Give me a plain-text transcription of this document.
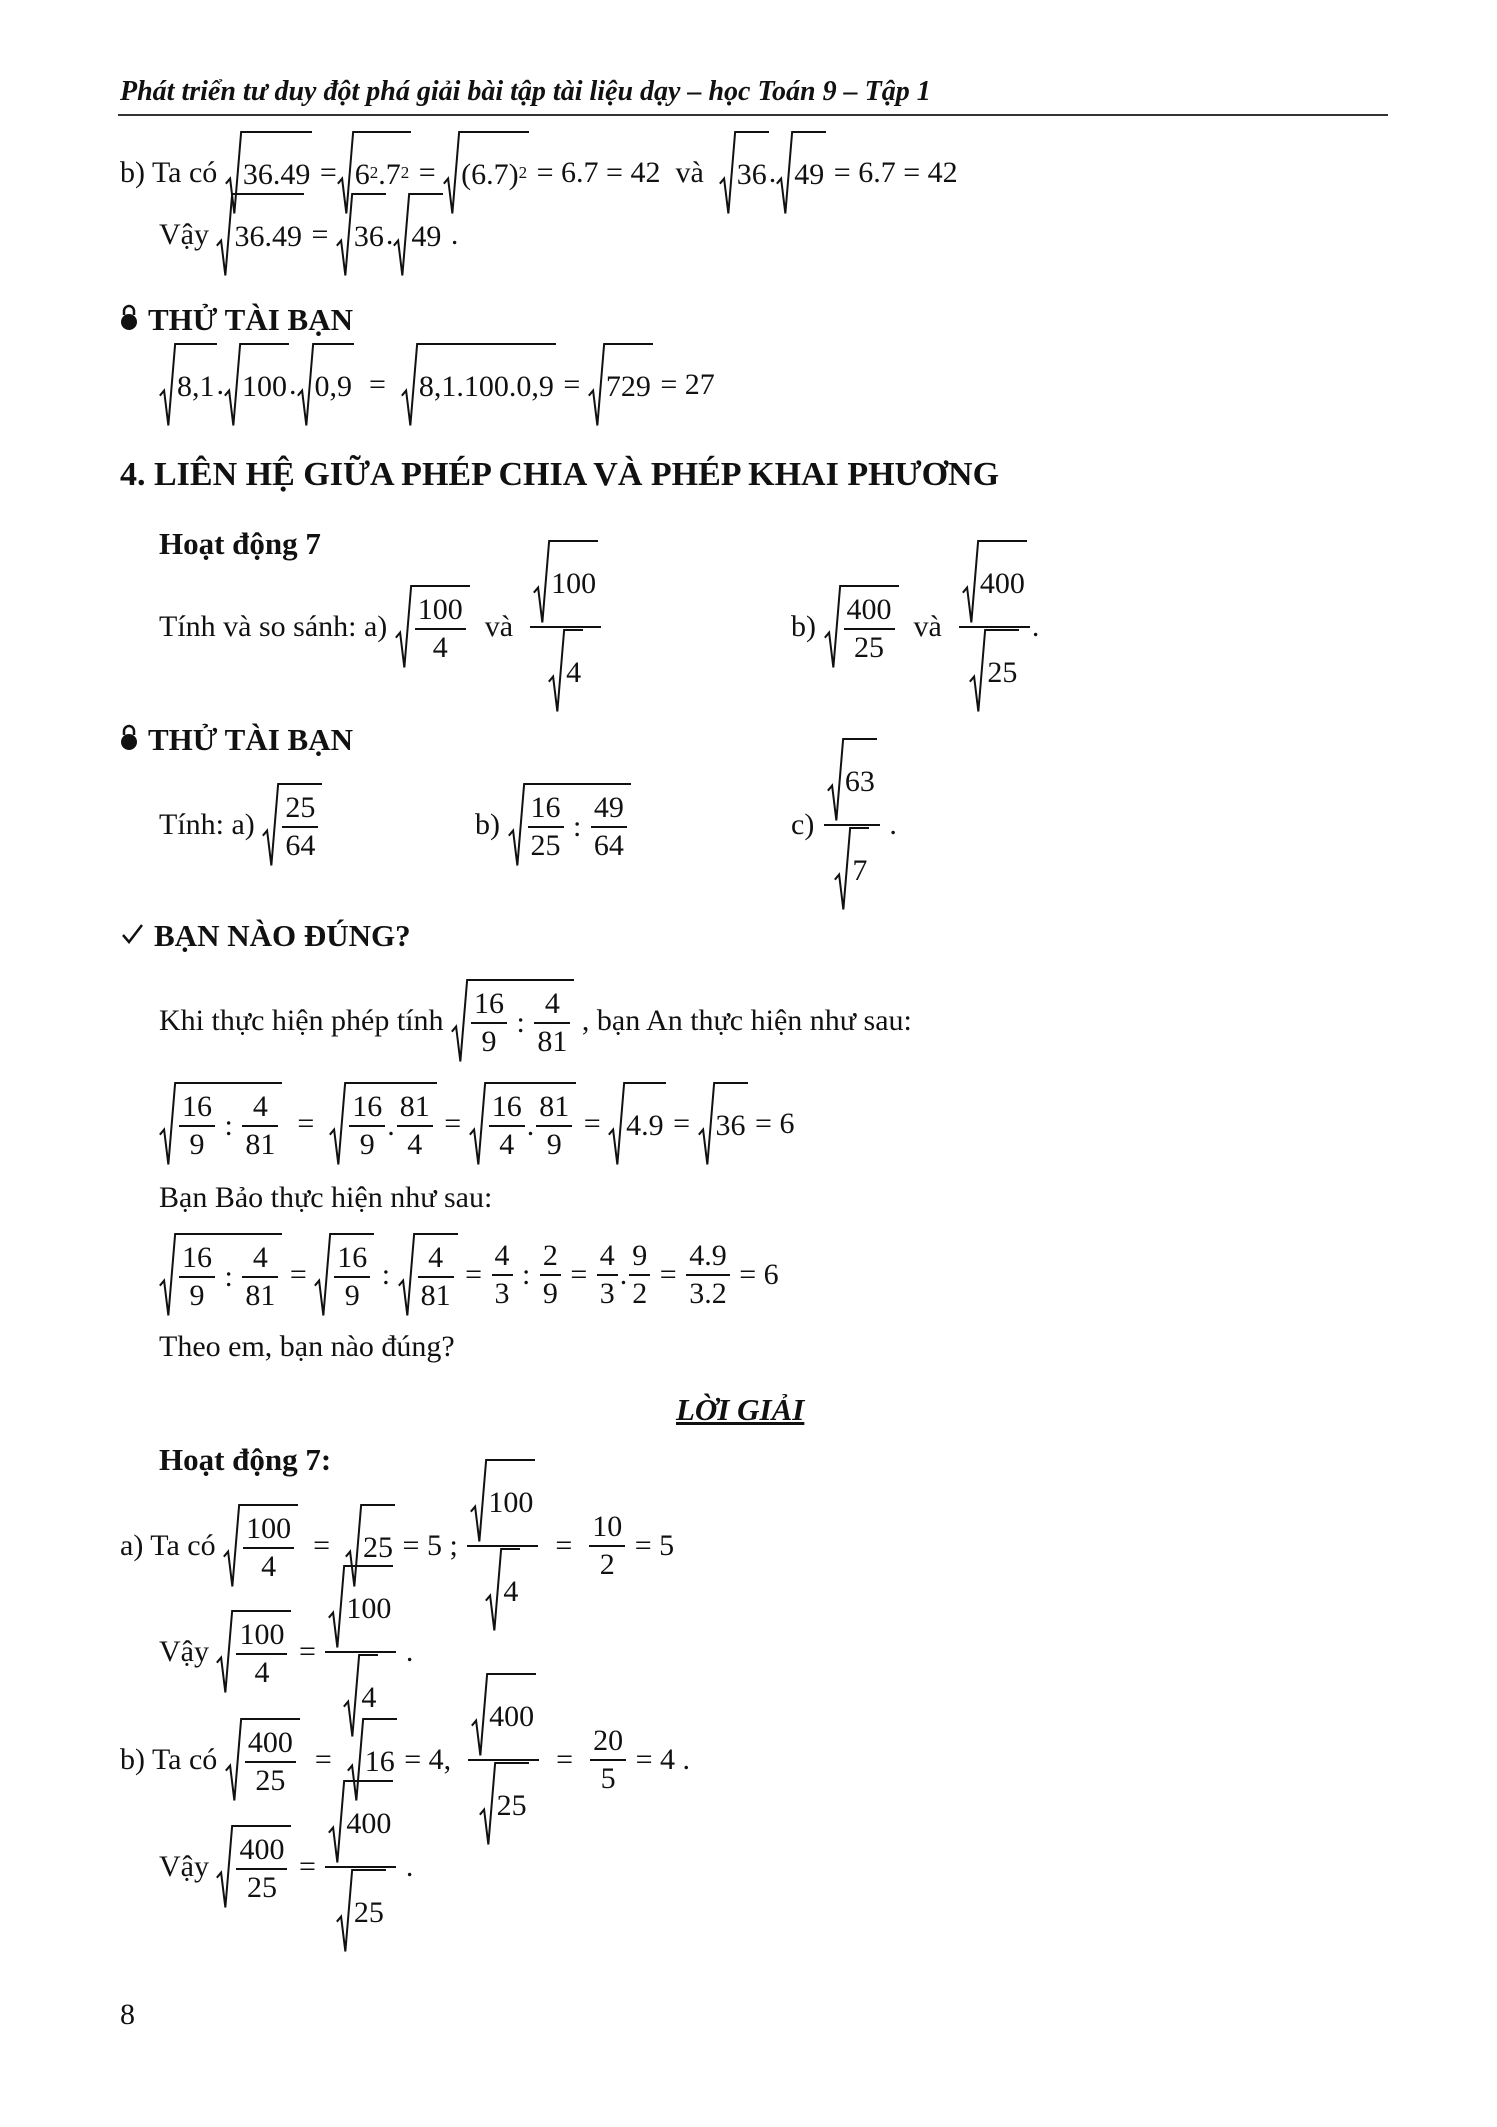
Phát triển tư duy đột phá giải bài tập tài liệu dạy – học Toán 9 – Tập 1
b) Ta có $36.49 = 6^2$ $.7^2 = (6.7)^2 = 6.7 = 42$  và 36 . 49 = 6.7 = 42
Vậy 36.49 = 36 . 49 .
THỬ TÀI BẠN
8,1 . 100 . 0,9 = 8,1.100.0,9 = 729 = 27
4. LIÊN HỆ GIỮA PHÉP CHIA VÀ PHÉP KHAI PHƯƠNG
Hoạt động 7
Tính và so sánh: $a) \frac{100}{4}$ và $\frac{100}{4}$	$b) \frac{400}{25}$ và $\frac{400}{25}$ .
THỬ TÀI BẠN
Tính: $a) \frac{25}{64}$	$b) \frac{16}{25}$ : $\frac{49}{64}$	$c) \frac{63}{7}$ .
BẠN NÀO ĐÚNG?
Khi thực hiện phép tính $\frac{16}{9}$ : $\frac{4}{81}$ , bạn An thực hiện như sau:
$\frac{16}{9}$ : $\frac{4}{81} = \frac{16}{9}$ . $\frac{81}{4} = \frac{16}{4}$ . $\frac{81}{9} = 4.9 = 36 = 6$
Bạn Bảo thực hiện như sau:
$\frac{16}{9}$ : $\frac{4}{81} = \frac{16}{9}$ : $\frac{4}{81} = \frac{4}{3}$ : $\frac{2}{9} = \frac{4}{3}$ . $\frac{9}{2} = \frac{4.9}{3.2} = 6$
Theo em, bạn nào đúng?
LỜI GIẢI
Hoạt động 7:
a) Ta có $\frac{100}{4} = 25 = 5$ ; $\frac{100}{4} = \frac{10}{2} = 5$
Vậy $\frac{100}{4} = \frac{100}{4}$ .
b) Ta có $\frac{400}{25} = 16 = 4$, $\frac{400}{25} = \frac{20}{5} = 4$ .
Vậy $\frac{400}{25} = \frac{400}{25}$ .
8
